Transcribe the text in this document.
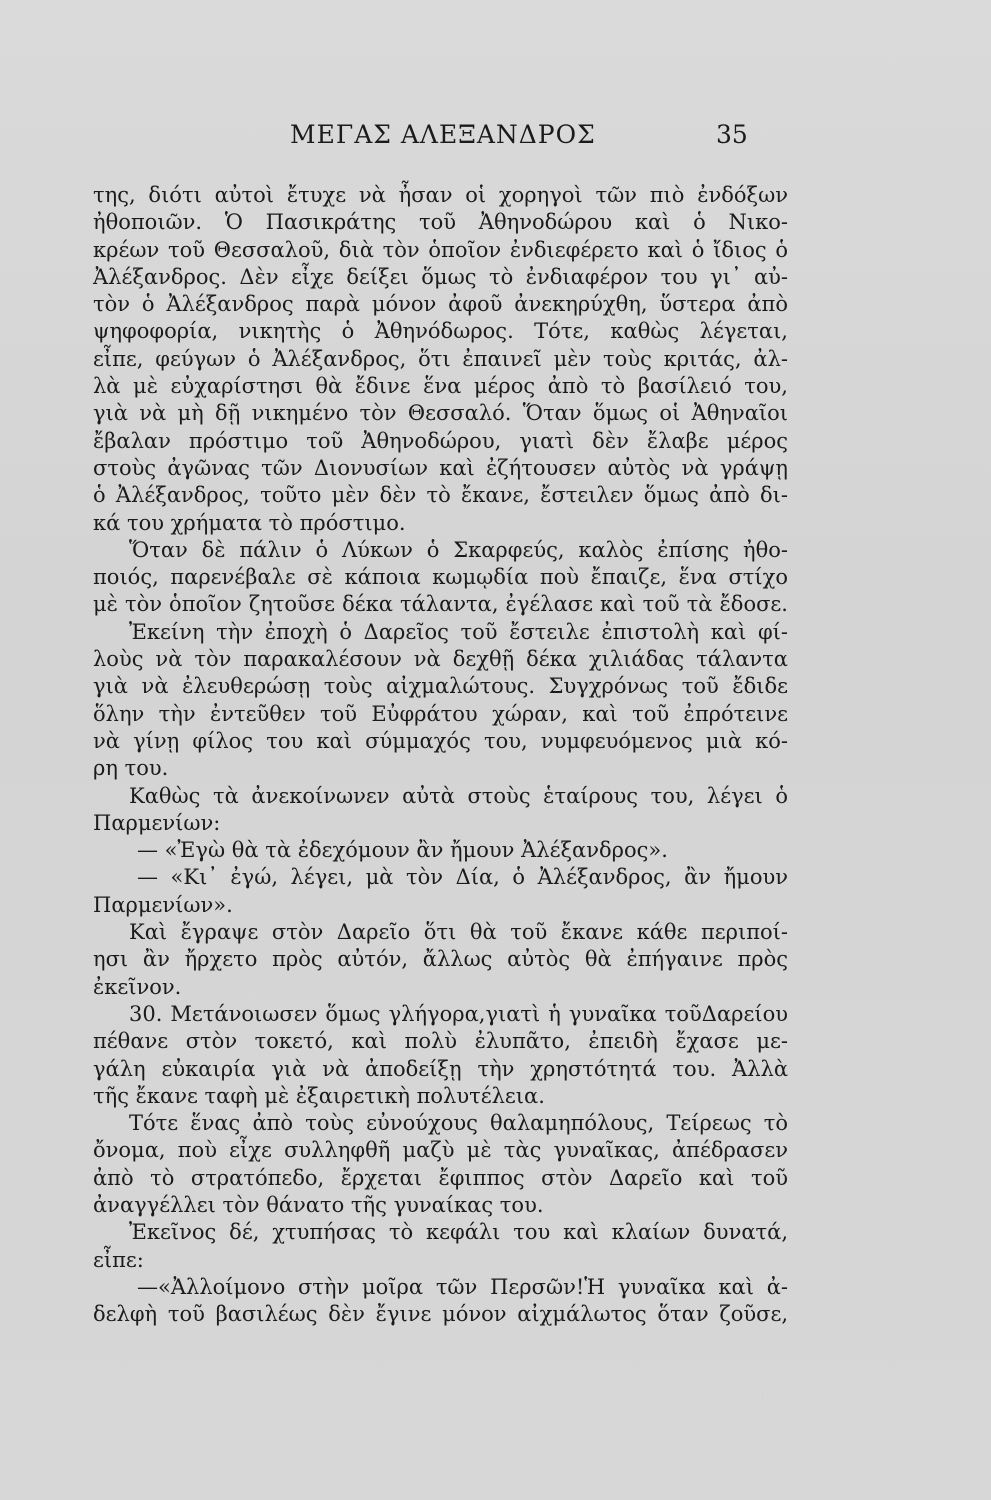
ΜΕΓΑΣ ΑΛΕΞΑΝΔΡΟΣ	35
της, διότι αὐτοὶ ἔτυχε νὰ ἦσαν οἱ χορηγοὶ τῶν πιὸ ἐνδόξων
ἠθοποιῶν. Ὁ Πασικράτης τοῦ Ἀθηνοδώρου καὶ ὁ Νικο-
κρέων τοῦ Θεσσαλοῦ, διὰ τὸν ὁποῖον ἐνδιεφέρετο καὶ ὁ ἴδιος ὁ
Ἀλέξανδρος. Δὲν εἶχε δείξει ὅμως τὸ ἐνδιαφέρον του γι᾿ αὐ-
τὸν ὁ Ἀλέξανδρος παρὰ μόνον ἀφοῦ ἀνεκηρύχθη, ὕστερα ἀπὸ
ψηφοφορία, νικητὴς ὁ Ἀθηνόδωρος. Τότε, καθὼς λέγεται,
εἶπε, φεύγων ὁ Ἀλέξανδρος, ὅτι ἐπαινεῖ μὲν τοὺς κριτάς, ἀλ-
λὰ μὲ εὐχαρίστησι θὰ ἔδινε ἕνα μέρος ἀπὸ τὸ βασίλειό του,
γιὰ νὰ μὴ δῇ νικημένο τὸν Θεσσαλό. Ὅταν ὅμως οἱ Ἀθηναῖοι
ἔβαλαν πρόστιμο τοῦ Ἀθηνοδώρου, γιατὶ δὲν ἔλαβε μέρος
στοὺς ἀγῶνας τῶν Διονυσίων καὶ ἐζήτουσεν αὐτὸς νὰ γράψῃ
ὁ Ἀλέξανδρος, τοῦτο μὲν δὲν τὸ ἔκανε, ἔστειλεν ὅμως ἀπὸ δι-
κά του χρήματα τὸ πρόστιμο.
Ὅταν δὲ πάλιν ὁ Λύκων ὁ Σκαρφεύς, καλὸς ἐπίσης ἠθο-
ποιός, παρενέβαλε σὲ κάποια κωμῳδία ποὺ ἔπαιζε, ἕνα στίχο
μὲ τὸν ὁποῖον ζητοῦσε δέκα τάλαντα, ἐγέλασε καὶ τοῦ τὰ ἔδοσε.
Ἐκείνη τὴν ἐποχὴ ὁ Δαρεῖος τοῦ ἔστειλε ἐπιστολὴ καὶ φί-
λοὺς νὰ τὸν παρακαλέσουν νὰ δεχθῇ δέκα χιλιάδας τάλαντα
γιὰ νὰ ἐλευθερώσῃ τοὺς αἰχμαλώτους. Συγχρόνως τοῦ ἔδιδε
ὅλην τὴν ἐντεῦθεν τοῦ Εὐφράτου χώραν, καὶ τοῦ ἐπρότεινε
νὰ γίνῃ φίλος του καὶ σύμμαχός του, νυμφευόμενος μιὰ κό-
ρη του.
Καθὼς τὰ ἀνεκοίνωνεν αὐτὰ στοὺς ἑταίρους του, λέγει ὁ
Παρμενίων:
— «Ἐγὼ θὰ τὰ ἐδεχόμουν ἂν ἤμουν Ἀλέξανδρος».
— «Κι᾿ ἐγώ, λέγει, μὰ τὸν Δία, ὁ Ἀλέξανδρος, ἂν ἤμουν
Παρμενίων».
Καὶ ἔγραψε στὸν Δαρεῖο ὅτι θὰ τοῦ ἔκανε κάθε περιποί-
ησι ἂν ἤρχετο πρὸς αὐτόν, ἄλλως αὐτὸς θὰ ἐπήγαινε πρὸς
ἐκεῖνον.
30. Μετάνοιωσεν ὅμως γλήγορα,γιατὶ ἡ γυναῖκα τοῦΔαρείου
πέθανε στὸν τοκετό, καὶ πολὺ ἐλυπᾶτο, ἐπειδὴ ἔχασε με-
γάλη εὐκαιρία γιὰ νὰ ἀποδείξῃ τὴν χρηστότητά του. Ἀλλὰ
τῆς ἔκανε ταφὴ μὲ ἐξαιρετικὴ πολυτέλεια.
Τότε ἕνας ἀπὸ τοὺς εὐνούχους θαλαμηπόλους, Τείρεως τὸ
ὄνομα, ποὺ εἶχε συλληφθῆ μαζὺ μὲ τὰς γυναῖκας, ἀπέδρασεν
ἀπὸ τὸ στρατόπεδο, ἔρχεται ἔφιππος στὸν Δαρεῖο καὶ τοῦ
ἀναγγέλλει τὸν θάνατο τῆς γυναίκας του.
Ἐκεῖνος δέ, χτυπήσας τὸ κεφάλι του καὶ κλαίων δυνατά,
εἶπε:
—«Ἀλλοίμονο στὴν μοῖρα τῶν Περσῶν!Ἡ γυναῖκα καὶ ἀ-
δελφὴ τοῦ βασιλέως δὲν ἔγινε μόνον αἰχμάλωτος ὅταν ζοῦσε,
